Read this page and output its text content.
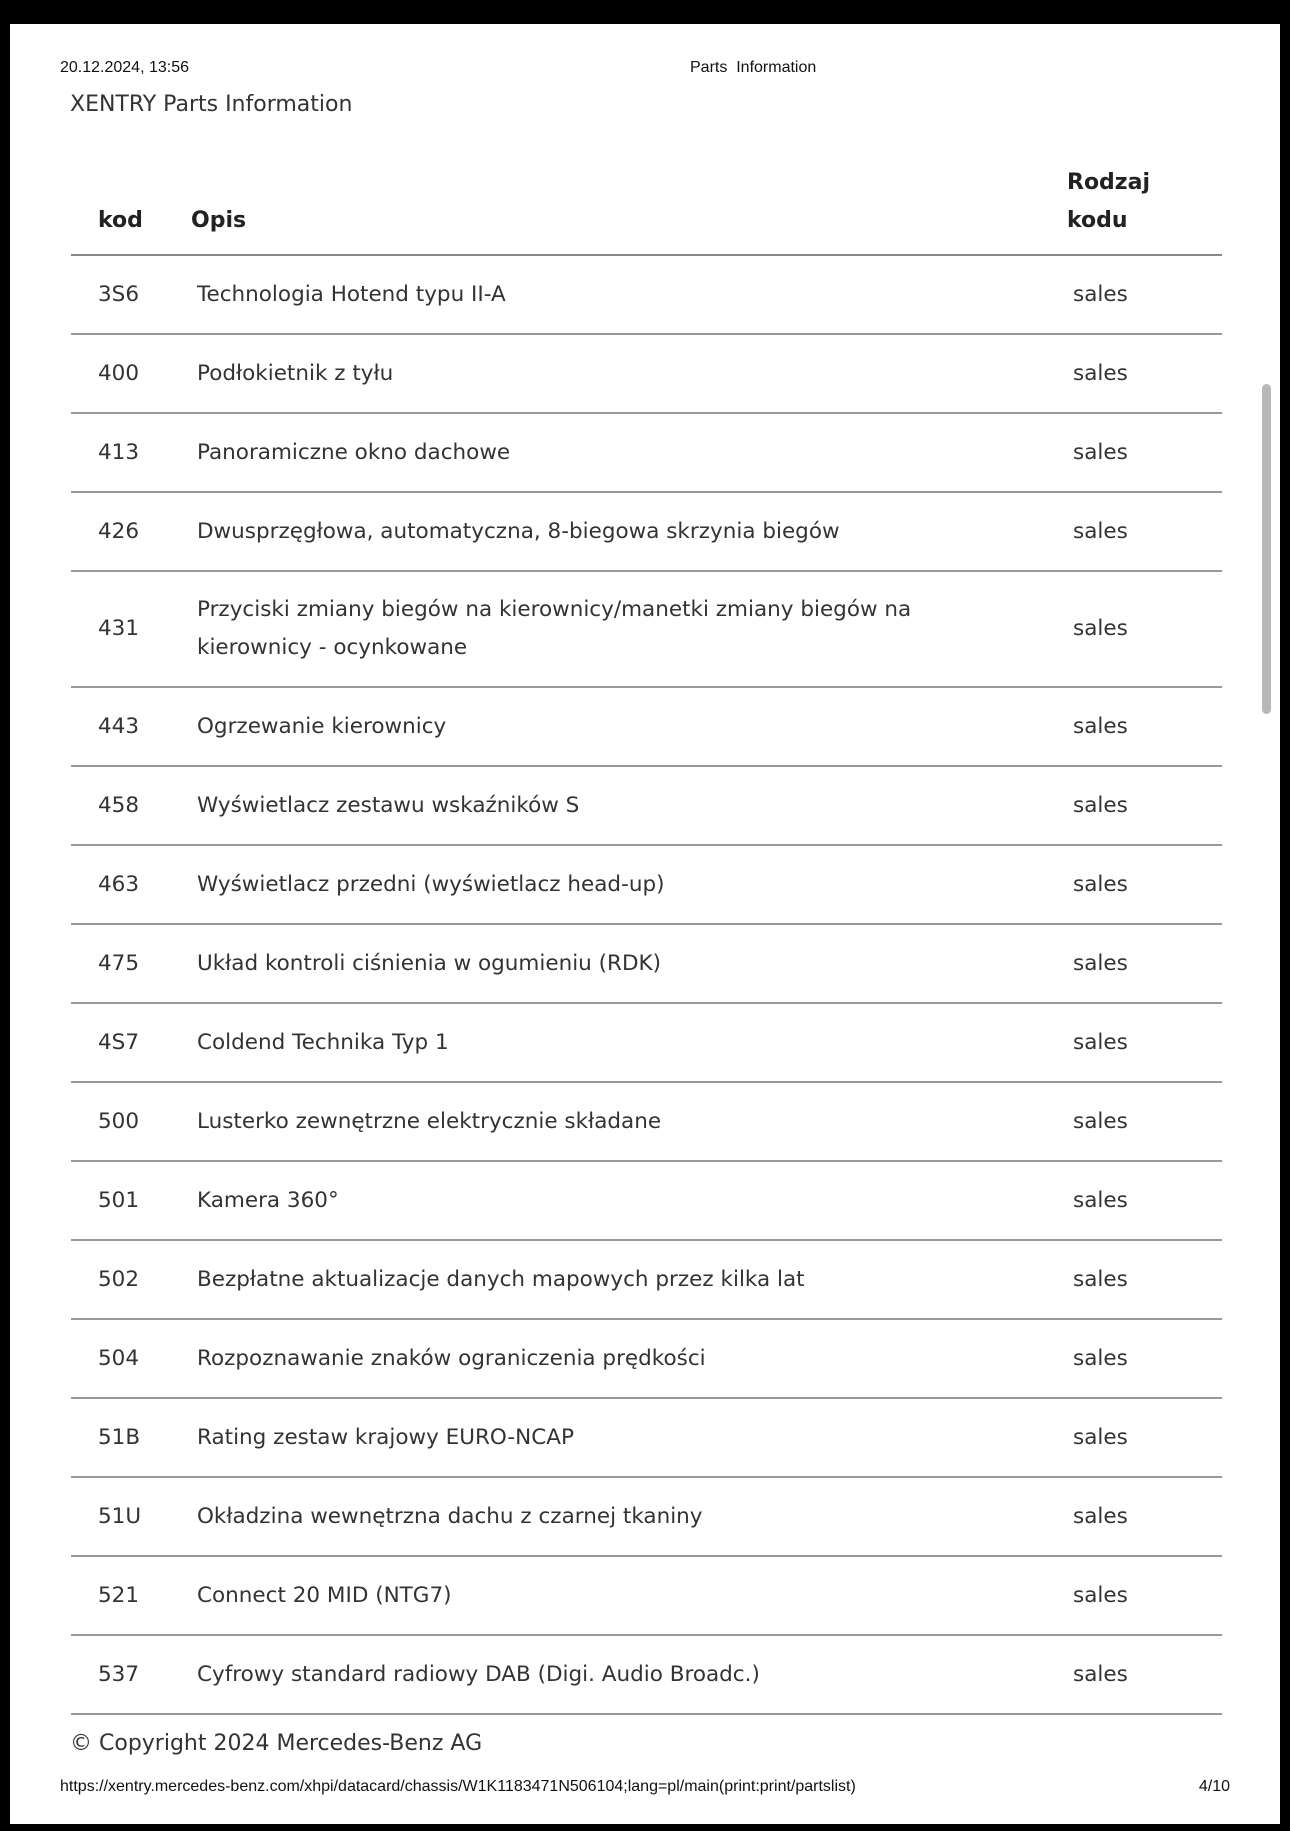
20.12.2024, 13:56	Parts  Information
XENTRY Parts Information
kod	Opis	Rodzaj
kodu
3S6	Technologia Hotend typu II-A	sales
400	Podłokietnik z tyłu	sales
413	Panoramiczne okno dachowe	sales
426	Dwusprzęgłowa, automatyczna, 8-biegowa skrzynia biegów	sales
431	Przyciski zmiany biegów na kierownicy/manetki zmiany biegów na kierownicy - ocynkowane	sales
443	Ogrzewanie kierownicy	sales
458	Wyświetlacz zestawu wskaźników S	sales
463	Wyświetlacz przedni (wyświetlacz head-up)	sales
475	Układ kontroli ciśnienia w ogumieniu (RDK)	sales
4S7	Coldend Technika Typ 1	sales
500	Lusterko zewnętrzne elektrycznie składane	sales
501	Kamera 360°	sales
502	Bezpłatne aktualizacje danych mapowych przez kilka lat	sales
504	Rozpoznawanie znaków ograniczenia prędkości	sales
51B	Rating zestaw krajowy EURO-NCAP	sales
51U	Okładzina wewnętrzna dachu z czarnej tkaniny	sales
521	Connect 20 MID (NTG7)	sales
537	Cyfrowy standard radiowy DAB (Digi. Audio Broadc.)	sales
© Copyright 2024 Mercedes-Benz AG
https://xentry.mercedes-benz.com/xhpi/datacard/chassis/W1K1183471N506104;lang=pl/main(print:print/partslist)	4/10
